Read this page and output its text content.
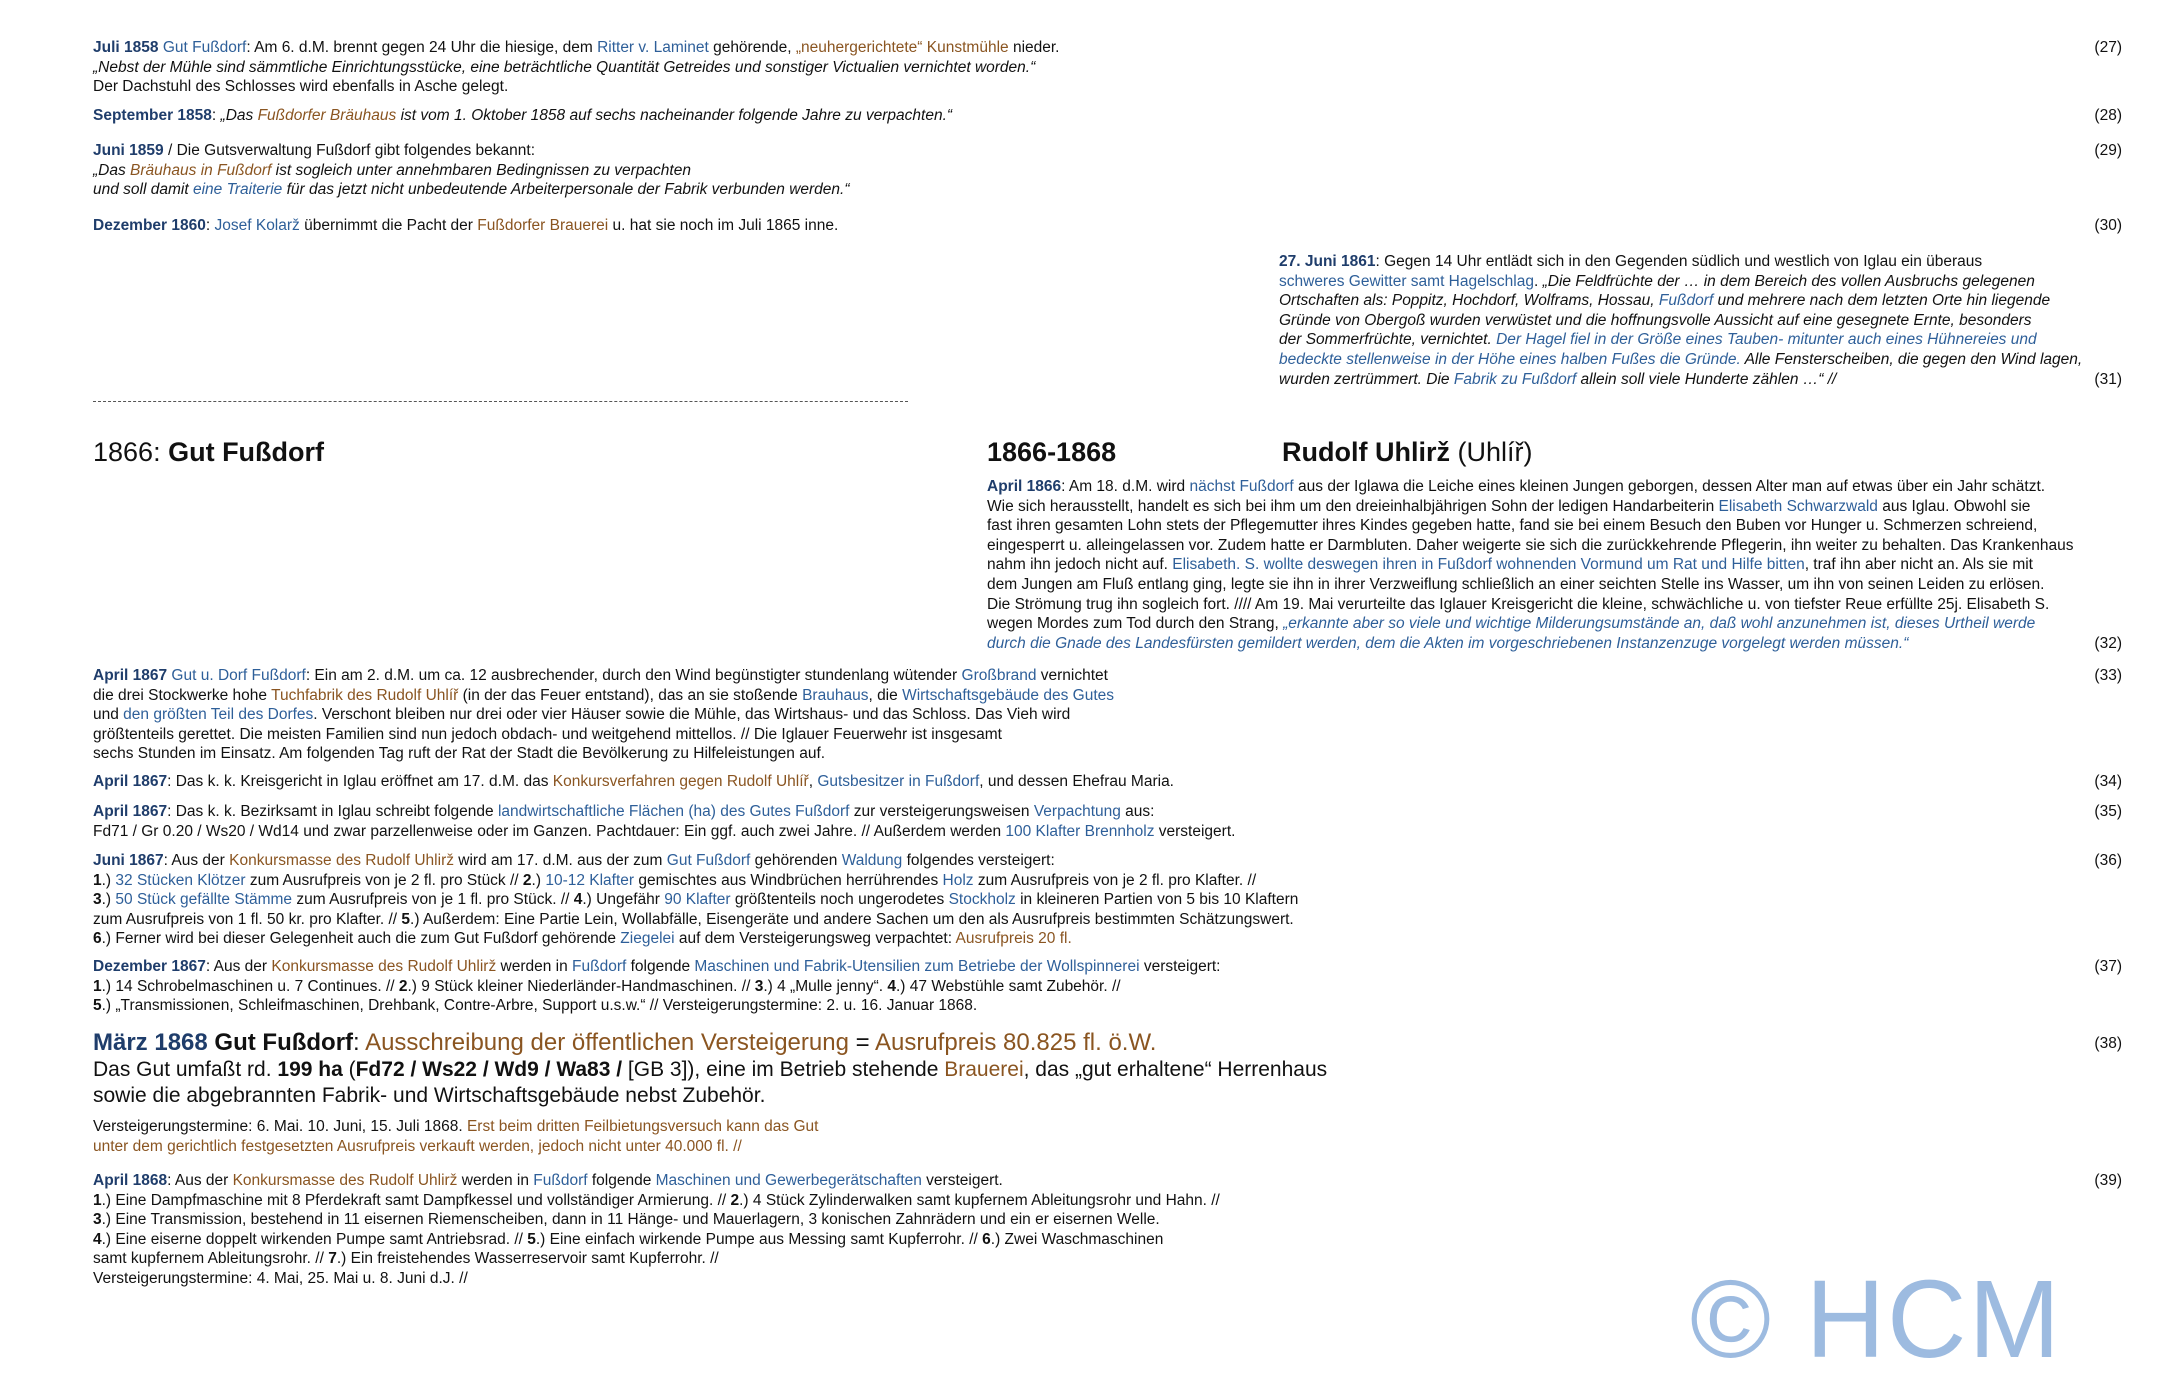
Juli 1858 Gut Fußdorf: Am 6. d.M. brennt gegen 24 Uhr die hiesige, dem Ritter v. Laminet gehörende, „neuhergerichtete“ Kunstmühle nieder.
„Nebst der Mühle sind sämmtliche Einrichtungsstücke, eine beträchtliche Quantität Getreides und sonstiger Victualien vernichtet worden.“
Der Dachstuhl des Schlosses wird ebenfalls in Asche gelegt.
(27)
September 1858: „Das Fußdorfer Bräuhaus ist vom 1. Oktober 1858 auf sechs nacheinander folgende Jahre zu verpachten.“	(28)
Juni 1859 / Die Gutsverwaltung Fußdorf gibt folgendes bekannt:
„Das Bräuhaus in Fußdorf ist sogleich unter annehmbaren Bedingnissen zu verpachten
und soll damit eine Traiterie für das jetzt nicht unbedeutende Arbeiterpersonale der Fabrik verbunden werden.“
(29)
Dezember 1860: Josef Kolarž übernimmt die Pacht der Fußdorfer Brauerei u. hat sie noch im Juli 1865 inne.	(30)
27. Juni 1861: Gegen 14 Uhr entlädt sich in den Gegenden südlich und westlich von Iglau ein überaus
schweres Gewitter samt Hagelschlag. „Die Feldfrüchte der … in dem Bereich des vollen Ausbruchs gelegenen
Ortschaften als: Poppitz, Hochdorf, Wolframs, Hossau, Fußdorf und mehrere nach dem letzten Orte hin liegende
Gründe von Obergoß wurden verwüstet und die hoffnungsvolle Aussicht auf eine gesegnete Ernte, besonders
der Sommerfrüchte, vernichtet. Der Hagel fiel in der Größe eines Tauben- mitunter auch eines Hühnereies und
bedeckte stellenweise in der Höhe eines halben Fußes die Gründe. Alle Fensterscheiben, die gegen den Wind lagen,
wurden zertrümmert. Die Fabrik zu Fußdorf allein soll viele Hunderte zählen …“ //	(31)
1866: Gut Fußdorf	1866-1868	Rudolf Uhlirž (Uhlíř)
April 1866: Am 18. d.M. wird nächst Fußdorf aus der Iglawa die Leiche eines kleinen Jungen geborgen, dessen Alter man auf etwas über ein Jahr schätzt.
Wie sich herausstellt, handelt es sich bei ihm um den dreieinhalbjährigen Sohn der ledigen Handarbeiterin Elisabeth Schwarzwald aus Iglau. Obwohl sie
fast ihren gesamten Lohn stets der Pflegemutter ihres Kindes gegeben hatte, fand sie bei einem Besuch den Buben vor Hunger u. Schmerzen schreiend,
eingesperrt u. alleingelassen vor. Zudem hatte er Darmbluten. Daher weigerte sie sich die zurückkehrende Pflegerin, ihn weiter zu behalten. Das Krankenhaus
nahm ihn jedoch nicht auf. Elisabeth. S. wollte deswegen ihren in Fußdorf wohnenden Vormund um Rat und Hilfe bitten, traf ihn aber nicht an. Als sie mit
dem Jungen am Fluß entlang ging, legte sie ihn in ihrer Verzweiflung schließlich an einer seichten Stelle ins Wasser, um ihn von seinen Leiden zu erlösen.
Die Strömung trug ihn sogleich fort. //// Am 19. Mai verurteilte das Iglauer Kreisgericht die kleine, schwächliche u. von tiefster Reue erfüllte 25j. Elisabeth S.
wegen Mordes zum Tod durch den Strang, „erkannte aber so viele und wichtige Milderungsumstände an, daß wohl anzunehmen ist, dieses Urtheil werde
durch die Gnade des Landesfürsten gemildert werden, dem die Akten im vorgeschriebenen Instanzenzuge vorgelegt werden müssen.“	(32)
April 1867 Gut u. Dorf Fußdorf: Ein am 2. d.M. um ca. 12 ausbrechender, durch den Wind begünstigter stundenlang wütender Großbrand vernichtet
die drei Stockwerke hohe Tuchfabrik des Rudolf Uhlíř (in der das Feuer entstand), das an sie stoßende Brauhaus, die Wirtschaftsgebäude des Gutes
und den größten Teil des Dorfes. Verschont bleiben nur drei oder vier Häuser sowie die Mühle, das Wirtshaus- und das Schloss. Das Vieh wird
größtenteils gerettet. Die meisten Familien sind nun jedoch obdach- und weitgehend mittellos. // Die Iglauer Feuerwehr ist insgesamt
sechs Stunden im Einsatz. Am folgenden Tag ruft der Rat der Stadt die Bevölkerung zu Hilfeleistungen auf.
(33)
April 1867: Das k. k. Kreisgericht in Iglau eröffnet am 17. d.M. das Konkursverfahren gegen Rudolf Uhlíř, Gutsbesitzer in Fußdorf, und dessen Ehefrau Maria.	(34)
April 1867: Das k. k. Bezirksamt in Iglau schreibt folgende landwirtschaftliche Flächen (ha) des Gutes Fußdorf zur versteigerungsweisen Verpachtung aus:
Fd71 / Gr 0.20 / Ws20 / Wd14 und zwar parzellenweise oder im Ganzen. Pachtdauer: Ein ggf. auch zwei Jahre. // Außerdem werden 100 Klafter Brennholz versteigert.
(35)
Juni 1867: Aus der Konkursmasse des Rudolf Uhlirž wird am 17. d.M. aus der zum Gut Fußdorf gehörenden Waldung folgendes versteigert:
1.) 32 Stücken Klötzer zum Ausrufpreis von je 2 fl. pro Stück // 2.) 10-12 Klafter gemischtes aus Windbrüchen herrührendes Holz zum Ausrufpreis von je 2 fl. pro Klafter. //
3.) 50 Stück gefällte Stämme zum Ausrufpreis von je 1 fl. pro Stück. // 4.) Ungefähr 90 Klafter größtenteils noch ungerodetes Stockholz in kleineren Partien von 5 bis 10 Klaftern
zum Ausrufpreis von 1 fl. 50 kr. pro Klafter. // 5.) Außerdem: Eine Partie Lein, Wollabfälle, Eisengeräte und andere Sachen um den als Ausrufpreis bestimmten Schätzungswert.
6.) Ferner wird bei dieser Gelegenheit auch die zum Gut Fußdorf gehörende Ziegelei auf dem Versteigerungsweg verpachtet: Ausrufpreis 20 fl.
(36)
Dezember 1867: Aus der Konkursmasse des Rudolf Uhlirž werden in Fußdorf folgende Maschinen und Fabrik-Utensilien zum Betriebe der Wollspinnerei versteigert:
1.) 14 Schrobelmaschinen u. 7 Continues. // 2.) 9 Stück kleiner Niederländer-Handmaschinen. // 3.) 4 „Mulle jenny“. 4.) 47 Webstühle samt Zubehör. //
5.) „Transmissionen, Schleifmaschinen, Drehbank, Contre-Arbre, Support u.s.w.“ // Versteigerungstermine: 2. u. 16. Januar 1868.
(37)
März 1868 Gut Fußdorf: Ausschreibung der öffentlichen Versteigerung = Ausrufpreis 80.825 fl. ö.W.
Das Gut umfaßt rd. 199 ha (Fd72 / Ws22 / Wd9 / Wa83 / [GB 3]), eine im Betrieb stehende Brauerei, das „gut erhaltene“ Herrenhaus
sowie die abgebrannten Fabrik- und Wirtschaftsgebäude nebst Zubehör.
Versteigerungstermine: 6. Mai. 10. Juni, 15. Juli 1868. Erst beim dritten Feilbietungsversuch kann das Gut
unter dem gerichtlich festgesetzten Ausrufpreis verkauft werden, jedoch nicht unter 40.000 fl. //
(38)
April 1868: Aus der Konkursmasse des Rudolf Uhlirž werden in Fußdorf folgende Maschinen und Gewerbegerätschaften versteigert.
1.) Eine Dampfmaschine mit 8 Pferdekraft samt Dampfkessel und vollständiger Armierung. // 2.) 4 Stück Zylinderwalken samt kupfernem Ableitungsrohr und Hahn. //
3.) Eine Transmission, bestehend in 11 eisernen Riemenscheiben, dann in 11 Hänge- und Mauerlagern, 3 konischen Zahnrädern und ein er eisernen Welle.
4.) Eine eiserne doppelt wirkenden Pumpe samt Antriebsrad. // 5.) Eine einfach wirkende Pumpe aus Messing samt Kupferrohr. // 6.) Zwei Waschmaschinen
samt kupfernem Ableitungsrohr. // 7.) Ein freistehendes Wasserreservoir samt Kupferrohr. //
Versteigerungstermine: 4. Mai, 25. Mai u. 8. Juni d.J. //
(39)
© HCM
